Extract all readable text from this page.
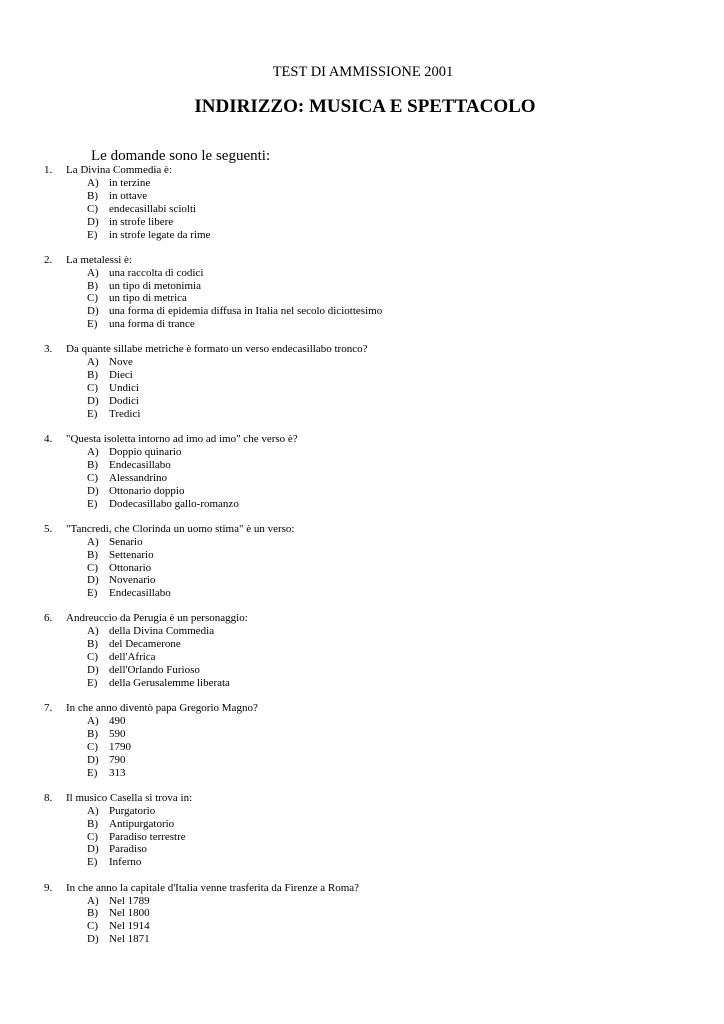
TEST DI AMMISSIONE 2001
INDIRIZZO: MUSICA E SPETTACOLO
Le domande sono le seguenti:
1. La Divina Commedia è:
A) in terzine
B) in ottave
C) endecasillabi sciolti
D) in strofe libere
E) in strofe legate da rime
2. La metalessi è:
A) una raccolta di codici
B) un tipo di metonimia
C) un tipo di metrica
D) una forma di epidemia diffusa in Italia nel secolo diciottesimo
E) una forma di trance
3. Da quante sillabe metriche è formato un verso endecasillabo tronco?
A) Nove
B) Dieci
C) Undici
D) Dodici
E) Tredici
4. "Questa isoletta intorno ad imo ad imo" che verso è?
A) Doppio quinario
B) Endecasillabo
C) Alessandrino
D) Ottonario doppio
E) Dodecasillabo gallo-romanzo
5. "Tancredi, che Clorinda un uomo stima" è un verso:
A) Senario
B) Settenario
C) Ottonario
D) Novenario
E) Endecasillabo
6. Andreuccio da Perugia è un personaggio:
A) della Divina Commedia
B) del Decamerone
C) dell'Africa
D) dell'Orlando Furioso
E) della Gerusalemme liberata
7. In che anno diventò papa Gregorio Magno?
A) 490
B) 590
C) 1790
D) 790
E) 313
8. Il musico Casella si trova in:
A) Purgatorio
B) Antipurgatorio
C) Paradiso terrestre
D) Paradiso
E) Inferno
9. In che anno la capitale d'Italia venne trasferita da Firenze a Roma?
A) Nel 1789
B) Nel 1800
C) Nel 1914
D) Nel 1871
